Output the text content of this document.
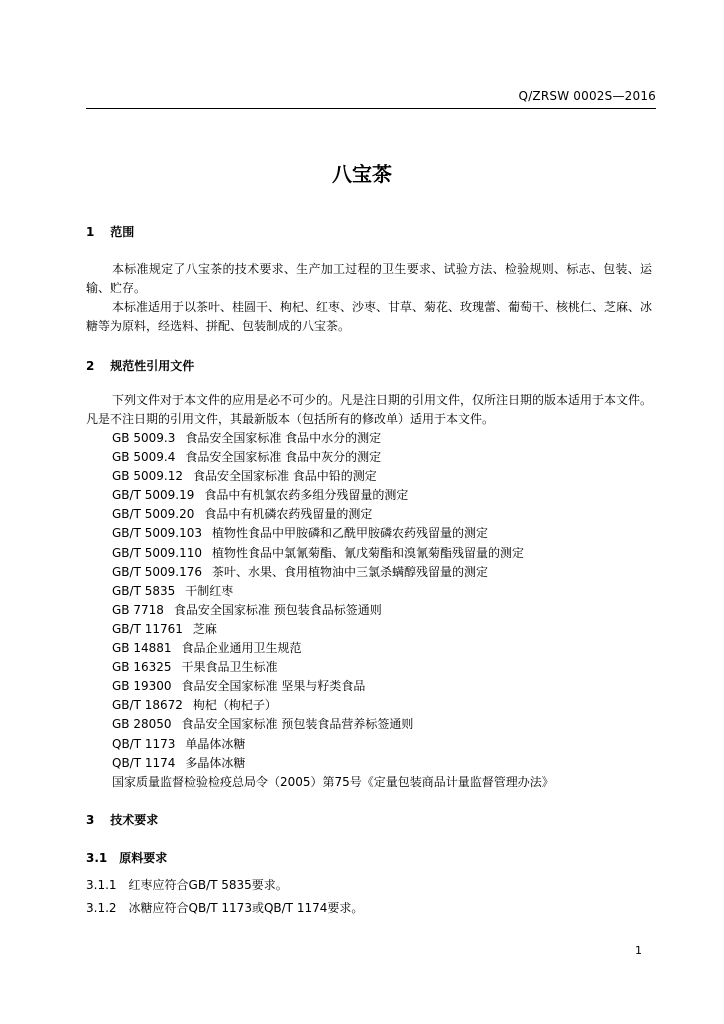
Q/ZRSW 0002S—2016
八宝茶
1 范围

本标准规定了八宝茶的技术要求、生产加工过程的卫生要求、试验方法、检验规则、标志、包装、运输、贮存。

本标准适用于以茶叶、桂圆干、枸杞、红枣、沙枣、甘草、菊花、玫瑰蕾、葡萄干、核桃仁、芝麻、冰糖等为原料，经选料、拼配、包装制成的八宝茶。

2 规范性引用文件

下列文件对于本文件的应用是必不可少的。凡是注日期的引用文件，仅所注日期的版本适用于本文件。凡是不注日期的引用文件，其最新版本（包括所有的修改单）适用于本文件。

GB 5009.3 食品安全国家标准 食品中水分的测定
GB 5009.4 食品安全国家标准 食品中灰分的测定
GB 5009.12 食品安全国家标准 食品中铅的测定
GB/T 5009.19 食品中有机氯农药多组分残留量的测定
GB/T 5009.20 食品中有机磷农药残留量的测定
GB/T 5009.103 植物性食品中甲胺磷和乙酰甲胺磷农药残留量的测定
GB/T 5009.110 植物性食品中氯氰菊酯、氰戊菊酯和溴氰菊酯残留量的测定
GB/T 5009.176 茶叶、水果、食用植物油中三氯杀螨醇残留量的测定
GB/T 5835 干制红枣
GB 7718 食品安全国家标准 预包装食品标签通则
GB/T 11761 芝麻
GB 14881 食品企业通用卫生规范
GB 16325 干果食品卫生标准
GB 19300 食品安全国家标准 坚果与籽类食品
GB/T 18672 枸杞（枸杞子）
GB 28050 食品安全国家标准 预包装食品营养标签通则
QB/T 1173 单晶体冰糖
QB/T 1174 多晶体冰糖
国家质量监督检验检疫总局令（2005）第75号《定量包装商品计量监督管理办法》
3 技术要求
3.1 原料要求
3.1.1 红枣应符合GB/T 5835要求。
3.1.2 冰糖应符合QB/T 1173或QB/T 1174要求。
1
